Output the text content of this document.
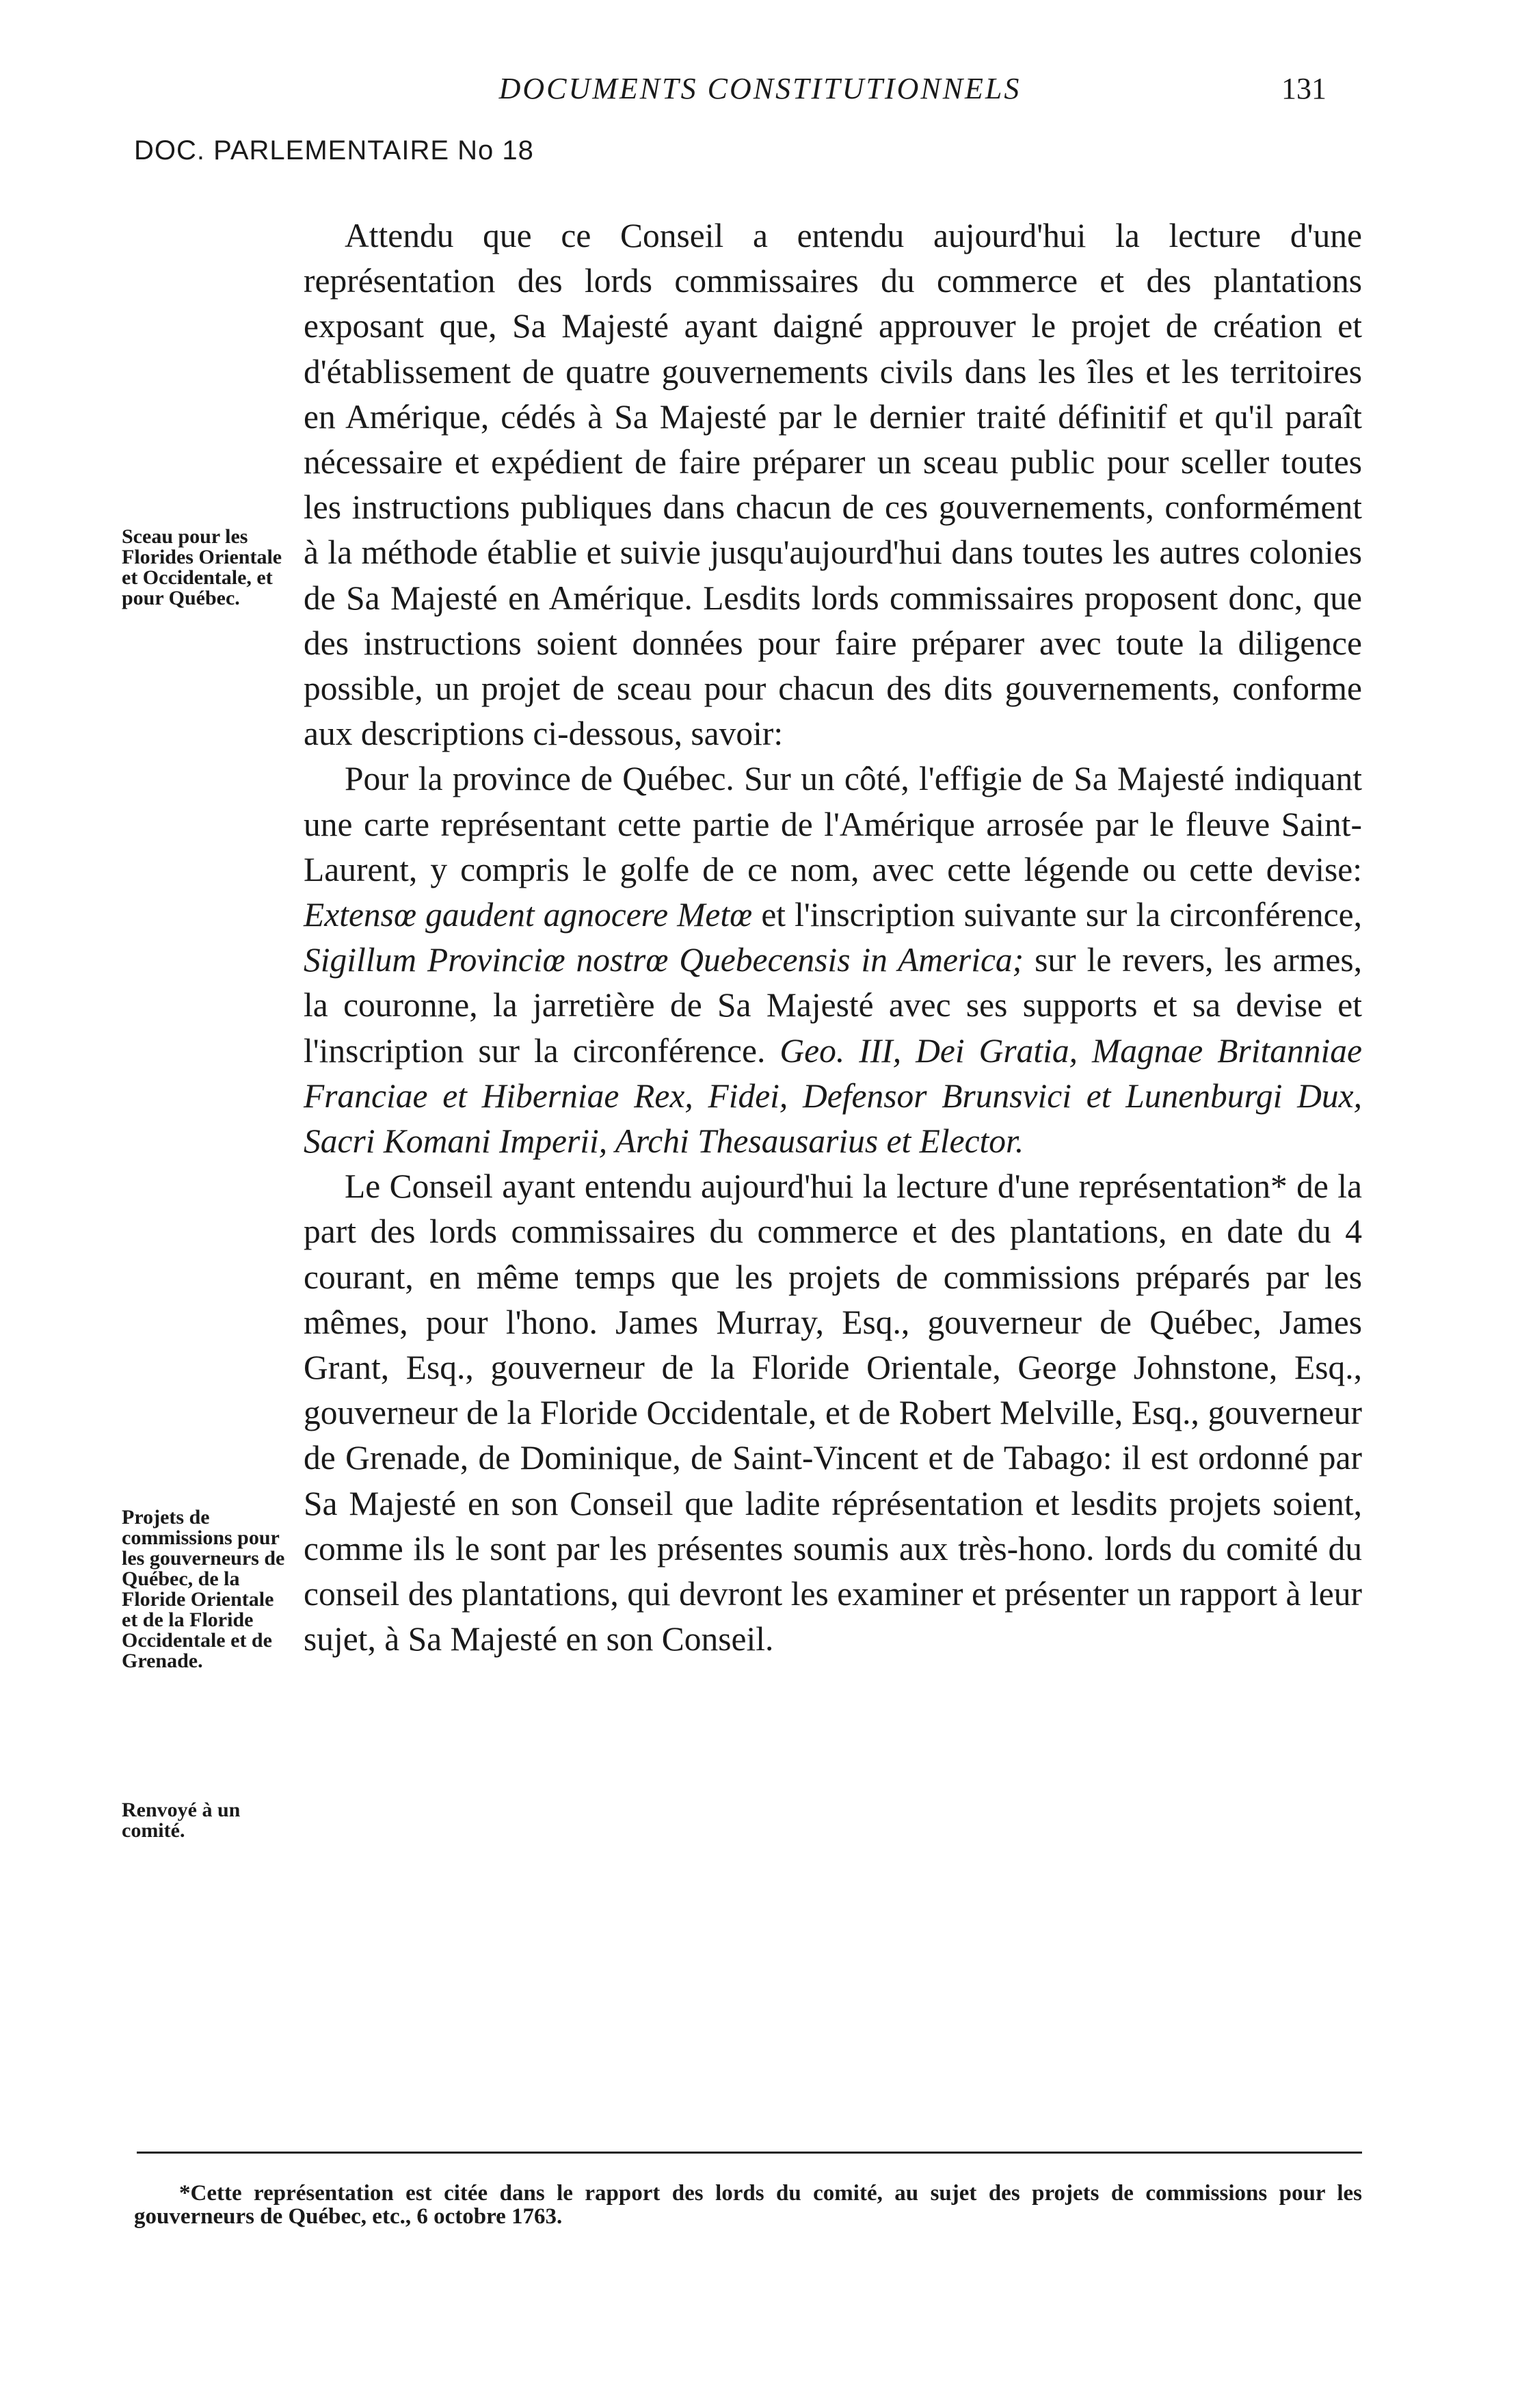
DOCUMENTS CONSTITUTIONNELS	131
DOC. PARLEMENTAIRE No 18
Sceau pour les Florides Orientale et Occidentale, et pour Québec.
Projets de commissions pour les gouverneurs de Québec, de la Floride Orientale et de la Floride Occidentale et de Grenade.
Renvoyé à un comité.

Attendu que ce Conseil a entendu aujourd'hui la lecture d'une représentation des lords commissaires du commerce et des plantations exposant que, Sa Majesté ayant daigné approuver le projet de création et d'établissement de quatre gouvernements civils dans les îles et les territoires en Amérique, cédés à Sa Majesté par le dernier traité définitif et qu'il paraît nécessaire et expédient de faire préparer un sceau public pour sceller toutes les instructions publiques dans chacun de ces gouvernements, conformément à la méthode établie et suivie jusqu'aujourd'hui dans toutes les autres colonies de Sa Majesté en Amérique. Lesdits lords commissaires proposent donc, que des instructions soient données pour faire préparer avec toute la diligence possible, un projet de sceau pour chacun des dits gouvernements, conforme aux descriptions ci-dessous, savoir:

Pour la province de Québec. Sur un côté, l'effigie de Sa Majesté indiquant une carte représentant cette partie de l'Amérique arrosée par le fleuve Saint-Laurent, y compris le golfe de ce nom, avec cette légende ou cette devise: Extensœ gaudent agnocere Metœ et l'inscription suivante sur la circonférence, Sigillum Provinciœ nostrœ Quebecensis in America; sur le revers, les armes, la couronne, la jarretière de Sa Majesté avec ses supports et sa devise et l'inscription sur la circonférence. Geo. III, Dei Gratia, Magnae Britanniae Franciae et Hiberniae Rex, Fidei, Defensor Brunsvici et Lunenburgi Dux, Sacri Komani Imperii, Archi Thesausarius et Elector.

Le Conseil ayant entendu aujourd'hui la lecture d'une représentation* de la part des lords commissaires du commerce et des plantations, en date du 4 courant, en même temps que les projets de commissions préparés par les mêmes, pour l'hono. James Murray, Esq., gouverneur de Québec, James Grant, Esq., gouverneur de la Floride Orientale, George Johnstone, Esq., gouverneur de la Floride Occidentale, et de Robert Melville, Esq., gouverneur de Grenade, de Dominique, de Saint-Vincent et de Tabago: il est ordonné par Sa Majesté en son Conseil que ladite réprésentation et lesdits projets soient, comme ils le sont par les présentes soumis aux très-hono. lords du comité du conseil des plantations, qui devront les examiner et présenter un rapport à leur sujet, à Sa Majesté en son Conseil.

*Cette représentation est citée dans le rapport des lords du comité, au sujet des projets de commissions pour les gouverneurs de Québec, etc., 6 octobre 1763.
